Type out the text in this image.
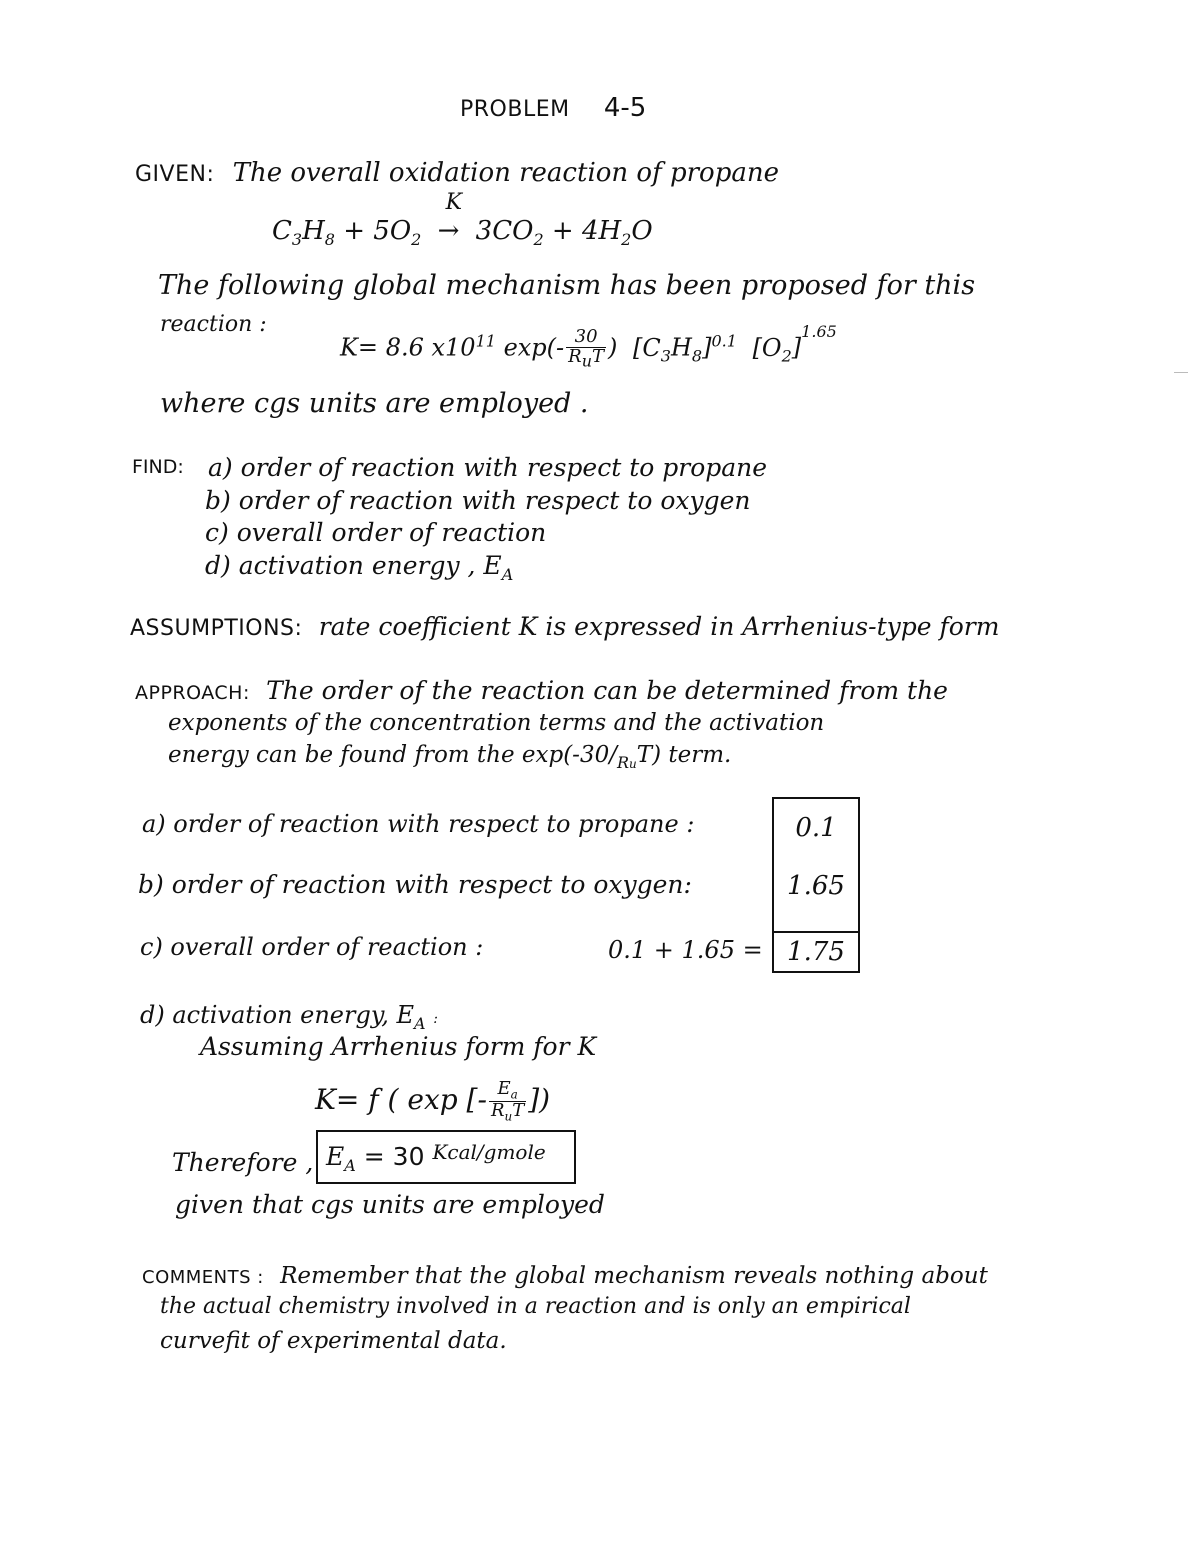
PROBLEM 4-5
GIVEN: The overall oxidation reaction of propane
$C_3H_8 + 5O_2$
K
→ $3CO_2 + 4H_2O$
The following global mechanism has been proposed for this
reaction :
K= 8.6 $x10^{11}$ $\exp(- \frac{30}{R_uT}$ ) $[C_3H_8]^{0.1}$ $[O_2]^{1.65}$
where cgs units are employed .
FIND: a) order of reaction with respect to propane
b) order of reaction with respect to oxygen
c) overall order of reaction
d) activation energy , $E_A$
ASSUMPTIONS: rate coefficient K is expressed in Arrhenius-type form
APPROACH: The order of the reaction can be determined from the
exponents of the concentration terms and the activation
energy can be found from the $\exp(-30/_{Ru}T)$ term.
a) order of reaction with respect to propane :
b) order of reaction with respect to oxygen:
c) overall order of reaction :	0.1 + 1.65 =
0.1
1.65
1.75
d) activation energy, $E_A$ :
Assuming Arrhenius form for K
K= f ( exp [- $\frac{E_a}{R_uT}$ ])
Therefore , $E_A = 30$ $^{Kcal/gmole}$
given that cgs units are employed
COMMENTS : Remember that the global mechanism reveals nothing about
the actual chemistry involved in a reaction and is only an empirical
curvefit of experimental data.
